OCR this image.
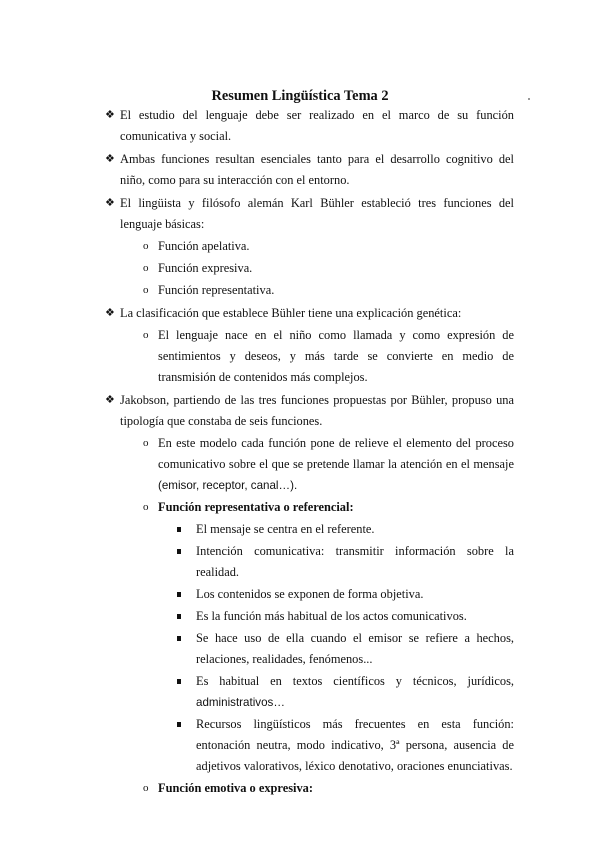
Resumen Lingüística Tema 2
❖ El estudio del lenguaje debe ser realizado en el marco de su función comunicativa y social.
❖ Ambas funciones resultan esenciales tanto para el desarrollo cognitivo del niño, como para su interacción con el entorno.
❖ El lingüista y filósofo alemán Karl Bühler estableció tres funciones del lenguaje básicas:
o Función apelativa.
o Función expresiva.
o Función representativa.
❖ La clasificación que establece Bühler tiene una explicación genética:
o El lenguaje nace en el niño como llamada y como expresión de sentimientos y deseos, y más tarde se convierte en medio de transmisión de contenidos más complejos.
❖ Jakobson, partiendo de las tres funciones propuestas por Bühler, propuso una tipología que constaba de seis funciones.
o En este modelo cada función pone de relieve el elemento del proceso comunicativo sobre el que se pretende llamar la atención en el mensaje (emisor, receptor, canal…).
o Función representativa o referencial:
El mensaje se centra en el referente.
Intención comunicativa: transmitir información sobre la realidad.
Los contenidos se exponen de forma objetiva.
Es la función más habitual de los actos comunicativos.
Se hace uso de ella cuando el emisor se refiere a hechos, relaciones, realidades, fenómenos...
Es habitual en textos científicos y técnicos, jurídicos, administrativos…
Recursos lingüísticos más frecuentes en esta función: entonación neutra, modo indicativo, 3ª persona, ausencia de adjetivos valorativos, léxico denotativo, oraciones enunciativas.
o Función emotiva o expresiva:
